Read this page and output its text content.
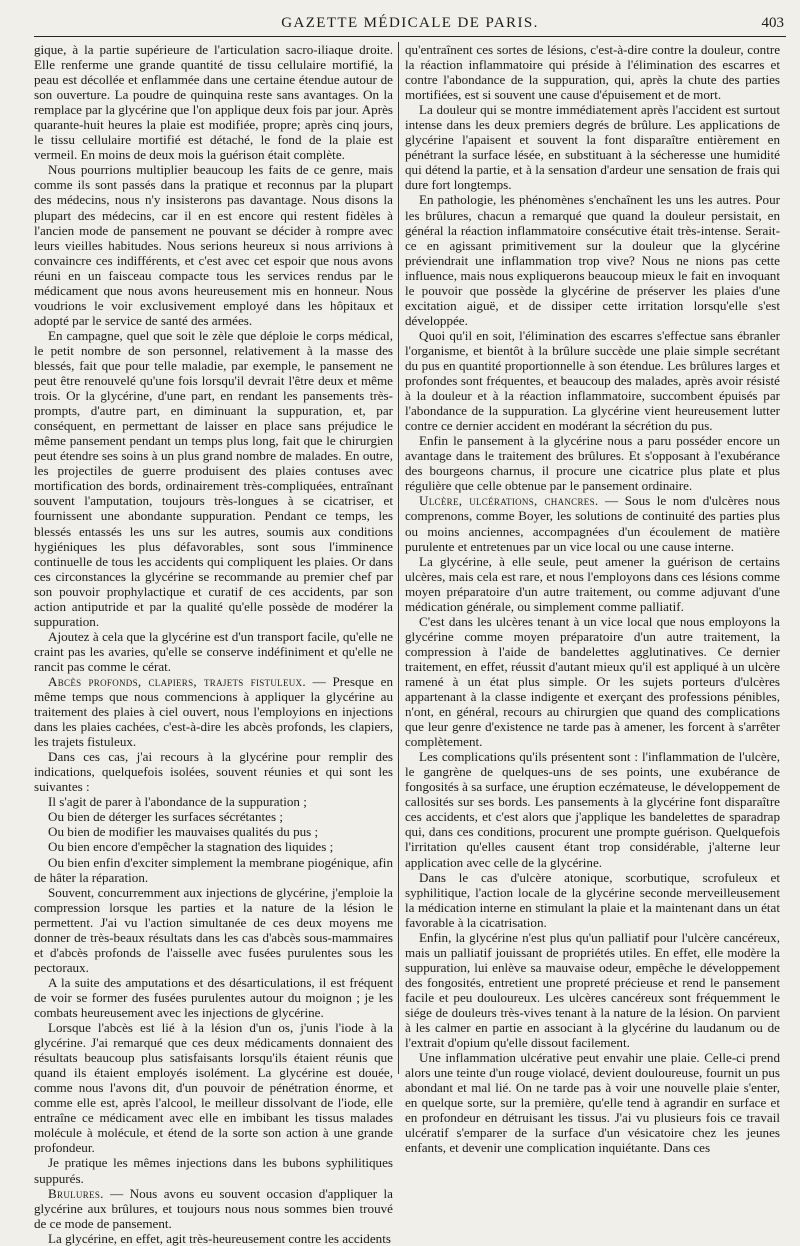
GAZETTE MÉDICALE DE PARIS.	403

gique, à la partie supérieure de l'articulation sacro-iliaque droite. Elle renferme une grande quantité de tissu cellulaire mortifié, la peau est décollée et enflammée dans une certaine étendue autour de son ouverture. La poudre de quinquina reste sans avantages. On la remplace par la glycérine que l'on applique deux fois par jour. Après quarante-huit heures la plaie est modifiée, propre; après cinq jours, le tissu cellulaire mortifié est détaché, le fond de la plaie est vermeil. En moins de deux mois la guérison était complète.

Nous pourrions multiplier beaucoup les faits de ce genre, mais comme ils sont passés dans la pratique et reconnus par la plupart des médecins, nous n'y insisterons pas davantage. Nous disons la plupart des médecins, car il en est encore qui restent fidèles à l'ancien mode de pansement ne pouvant se décider à rompre avec leurs vieilles habitudes. Nous serions heureux si nous arrivions à convaincre ces indifférents, et c'est avec cet espoir que nous avons réuni en un faisceau compacte tous les services rendus par le médicament que nous avons heureusement mis en honneur. Nous voudrions le voir exclusivement employé dans les hôpitaux et adopté par le service de santé des armées.

En campagne, quel que soit le zèle que déploie le corps médical, le petit nombre de son personnel, relativement à la masse des blessés, fait que pour telle maladie, par exemple, le pansement ne peut être renouvelé qu'une fois lorsqu'il devrait l'être deux et même trois. Or la glycérine, d'une part, en rendant les pansements très-prompts, d'autre part, en diminuant la suppuration, et, par conséquent, en permettant de laisser en place sans préjudice le même pansement pendant un temps plus long, fait que le chirurgien peut étendre ses soins à un plus grand nombre de malades. En outre, les projectiles de guerre produisent des plaies contuses avec mortification des bords, ordinairement très-compliquées, entraînant souvent l'amputation, toujours très-longues à se cicatriser, et fournissent une abondante suppuration. Pendant ce temps, les blessés entassés les uns sur les autres, soumis aux conditions hygiéniques les plus défavorables, sont sous l'imminence continuelle de tous les accidents qui compliquent les plaies. Or dans ces circonstances la glycérine se recommande au premier chef par son pouvoir prophylactique et curatif de ces accidents, par son action antiputride et par la qualité qu'elle possède de modérer la suppuration.

Ajoutez à cela que la glycérine est d'un transport facile, qu'elle ne craint pas les avaries, qu'elle se conserve indéfiniment et qu'elle ne rancit pas comme le cérat.

Abcès profonds, clapiers, trajets fistuleux. — Presque en même temps que nous commencions à appliquer la glycérine au traitement des plaies à ciel ouvert, nous l'employions en injections dans les plaies cachées, c'est-à-dire les abcès profonds, les clapiers, les trajets fistuleux.

Dans ces cas, j'ai recours à la glycérine pour remplir des indications, quelquefois isolées, souvent réunies et qui sont les suivantes :

Il s'agit de parer à l'abondance de la suppuration ;

Ou bien de déterger les surfaces sécrétantes ;

Ou bien de modifier les mauvaises qualités du pus ;

Ou bien encore d'empêcher la stagnation des liquides ;

Ou bien enfin d'exciter simplement la membrane piogénique, afin de hâter la réparation.

Souvent, concurremment aux injections de glycérine, j'emploie la compression lorsque les parties et la nature de la lésion le permettent. J'ai vu l'action simultanée de ces deux moyens me donner de très-beaux résultats dans les cas d'abcès sous-mammaires et d'abcès profonds de l'aisselle avec fusées purulentes sous les pectoraux.

A la suite des amputations et des désarticulations, il est fréquent de voir se former des fusées purulentes autour du moignon ; je les combats heureusement avec les injections de glycérine.

Lorsque l'abcès est lié à la lésion d'un os, j'unis l'iode à la glycérine. J'ai remarqué que ces deux médicaments donnaient des résultats beaucoup plus satisfaisants lorsqu'ils étaient réunis que quand ils étaient employés isolément. La glycérine est douée, comme nous l'avons dit, d'un pouvoir de pénétration énorme, et comme elle est, après l'alcool, le meilleur dissolvant de l'iode, elle entraîne ce médicament avec elle en imbibant les tissus malades molécule à molécule, et étend de la sorte son action à une grande profondeur.

Je pratique les mêmes injections dans les bubons syphilitiques suppurés.

Brulures. — Nous avons eu souvent occasion d'appliquer la glycérine aux brûlures, et toujours nous nous sommes bien trouvé de ce mode de pansement.

La glycérine, en effet, agit très-heureusement contre les accidents

qu'entraînent ces sortes de lésions, c'est-à-dire contre la douleur, contre la réaction inflammatoire qui préside à l'élimination des escarres et contre l'abondance de la suppuration, qui, après la chute des parties mortifiées, est si souvent une cause d'épuisement et de mort.

La douleur qui se montre immédiatement après l'accident est surtout intense dans les deux premiers degrés de brûlure. Les applications de glycérine l'apaisent et souvent la font disparaître entièrement en pénétrant la surface lésée, en substituant à la sécheresse une humidité qui détend la partie, et à la sensation d'ardeur une sensation de frais qui dure fort longtemps.

En pathologie, les phénomènes s'enchaînent les uns les autres. Pour les brûlures, chacun a remarqué que quand la douleur persistait, en général la réaction inflammatoire consécutive était très-intense. Serait-ce en agissant primitivement sur la douleur que la glycérine préviendrait une inflammation trop vive? Nous ne nions pas cette influence, mais nous expliquerons beaucoup mieux le fait en invoquant le pouvoir que possède la glycérine de préserver les plaies d'une excitation aiguë, et de dissiper cette irritation lorsqu'elle s'est développée.

Quoi qu'il en soit, l'élimination des escarres s'effectue sans ébranler l'organisme, et bientôt à la brûlure succède une plaie simple secrétant du pus en quantité proportionnelle à son étendue. Les brûlures larges et profondes sont fréquentes, et beaucoup des malades, après avoir résisté à la douleur et à la réaction inflammatoire, succombent épuisés par l'abondance de la suppuration. La glycérine vient heureusement lutter contre ce dernier accident en modérant la sécrétion du pus.

Enfin le pansement à la glycérine nous a paru posséder encore un avantage dans le traitement des brûlures. Et s'opposant à l'exubérance des bourgeons charnus, il procure une cicatrice plus plate et plus régulière que celle obtenue par le pansement ordinaire.

Ulcère, ulcérations, chancres. — Sous le nom d'ulcères nous comprenons, comme Boyer, les solutions de continuité des parties plus ou moins anciennes, accompagnées d'un écoulement de matière purulente et entretenues par un vice local ou une cause interne.

La glycérine, à elle seule, peut amener la guérison de certains ulcères, mais cela est rare, et nous l'employons dans ces lésions comme moyen préparatoire d'un autre traitement, ou comme adjuvant d'une médication générale, ou simplement comme palliatif.

C'est dans les ulcères tenant à un vice local que nous employons la glycérine comme moyen préparatoire d'un autre traitement, la compression à l'aide de bandelettes agglutinatives. Ce dernier traitement, en effet, réussit d'autant mieux qu'il est appliqué à un ulcère ramené à un état plus simple. Or les sujets porteurs d'ulcères appartenant à la classe indigente et exerçant des professions pénibles, n'ont, en général, recours au chirurgien que quand des complications que leur genre d'existence ne tarde pas à amener, les forcent à s'arrêter complètement.

Les complications qu'ils présentent sont : l'inflammation de l'ulcère, le gangrène de quelques-uns de ses points, une exubérance de fongosités à sa surface, une éruption eczémateuse, le développement de callosités sur ses bords. Les pansements à la glycérine font disparaître ces accidents, et c'est alors que j'applique les bandelettes de sparadrap qui, dans ces conditions, procurent une prompte guérison. Quelquefois l'irritation qu'elles causent étant trop considérable, j'alterne leur application avec celle de la glycérine.

Dans le cas d'ulcère atonique, scorbutique, scrofuleux et syphilitique, l'action locale de la glycérine seconde merveilleusement la médication interne en stimulant la plaie et la maintenant dans un état favorable à la cicatrisation.

Enfin, la glycérine n'est plus qu'un palliatif pour l'ulcère cancéreux, mais un palliatif jouissant de propriétés utiles. En effet, elle modère la suppuration, lui enlève sa mauvaise odeur, empêche le développement des fongosités, entretient une propreté précieuse et rend le pansement facile et peu douloureux. Les ulcères cancéreux sont fréquemment le siége de douleurs très-vives tenant à la nature de la lésion. On parvient à les calmer en partie en associant à la glycérine du laudanum ou de l'extrait d'opium qu'elle dissout facilement.

Une inflammation ulcérative peut envahir une plaie. Celle-ci prend alors une teinte d'un rouge violacé, devient douloureuse, fournit un pus abondant et mal lié. On ne tarde pas à voir une nouvelle plaie s'enter, en quelque sorte, sur la première, qu'elle tend à agrandir en surface et en profondeur en détruisant les tissus. J'ai vu plusieurs fois ce travail ulcératif s'emparer de la surface d'un vésicatoire chez les jeunes enfants, et devenir une complication inquiétante. Dans ces
